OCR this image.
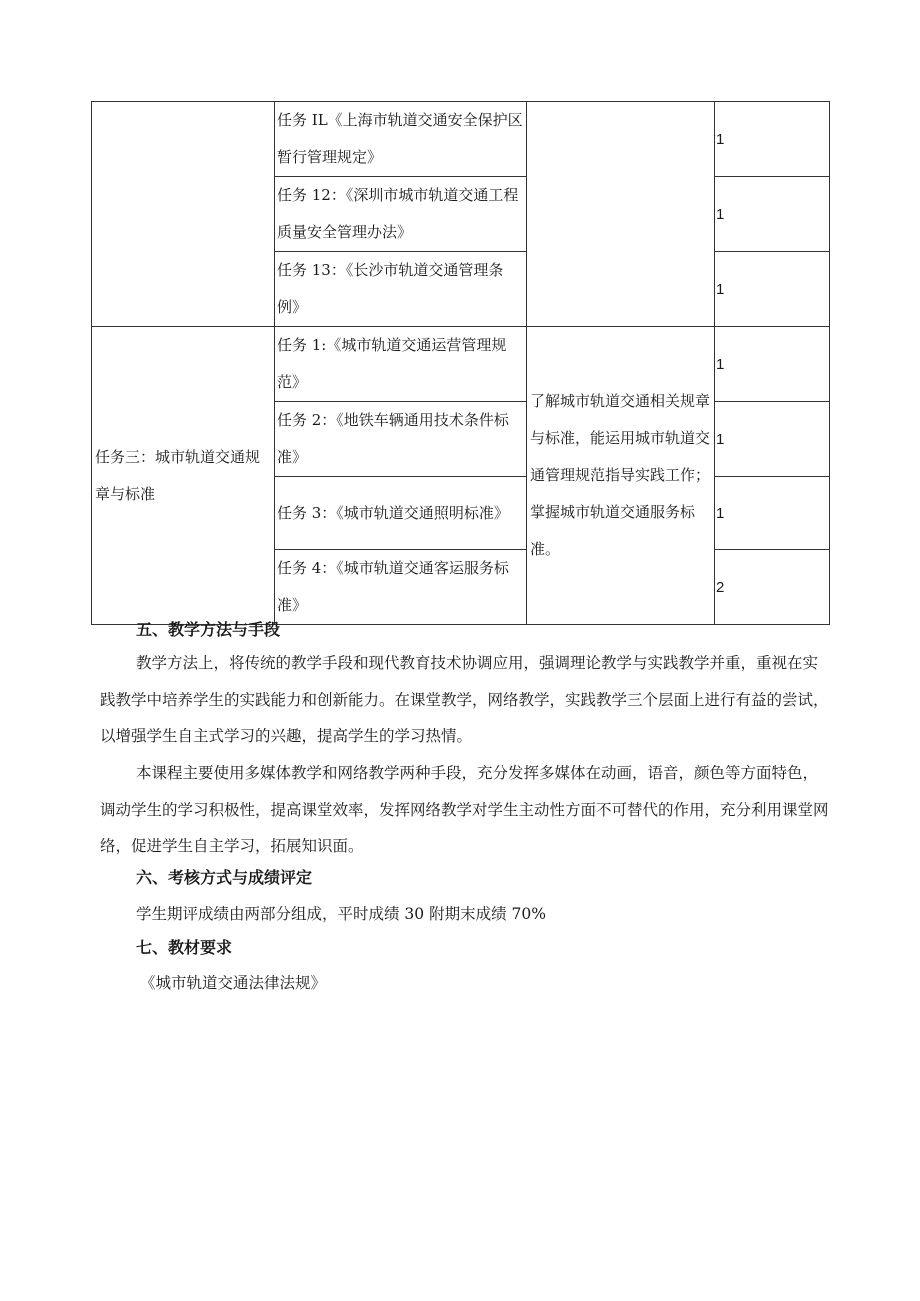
	任务 IL《上海市轨道交通安全保护区暂行管理规定》		1
	任务 12：《深圳市城市轨道交通工程质量安全管理办法》		1
	任务 13：《长沙市轨道交通管理条例》		1
任务三：城市轨道交通规章与标准	任务 1:《城市轨道交通运营管理规范》	了解城市轨道交通相关规章与标准，能运用城市轨道交通管理规范指导实践工作；掌握城市轨道交通服务标准。	1
	任务 2：《地铁车辆通用技术条件标准》		1
	任务 3：《城市轨道交通照明标准》		1
	任务 4：《城市轨道交通客运服务标准》		2
五、教学方法与手段
教学方法上，将传统的教学手段和现代教育技术协调应用，强调理论教学与实践教学并重，重视在实践教学中培养学生的实践能力和创新能力。在课堂教学，网络教学，实践教学三个层面上进行有益的尝试，以增强学生自主式学习的兴趣，提高学生的学习热情。
本课程主要使用多媒体教学和网络教学两种手段，充分发挥多媒体在动画，语音，颜色等方面特色，调动学生的学习积极性，提高课堂效率，发挥网络教学对学生主动性方面不可替代的作用，充分利用课堂网络，促进学生自主学习，拓展知识面。
六、考核方式与成绩评定
学生期评成绩由两部分组成，平时成绩 30 附期末成绩 70%
七、教材要求
《城市轨道交通法律法规》
